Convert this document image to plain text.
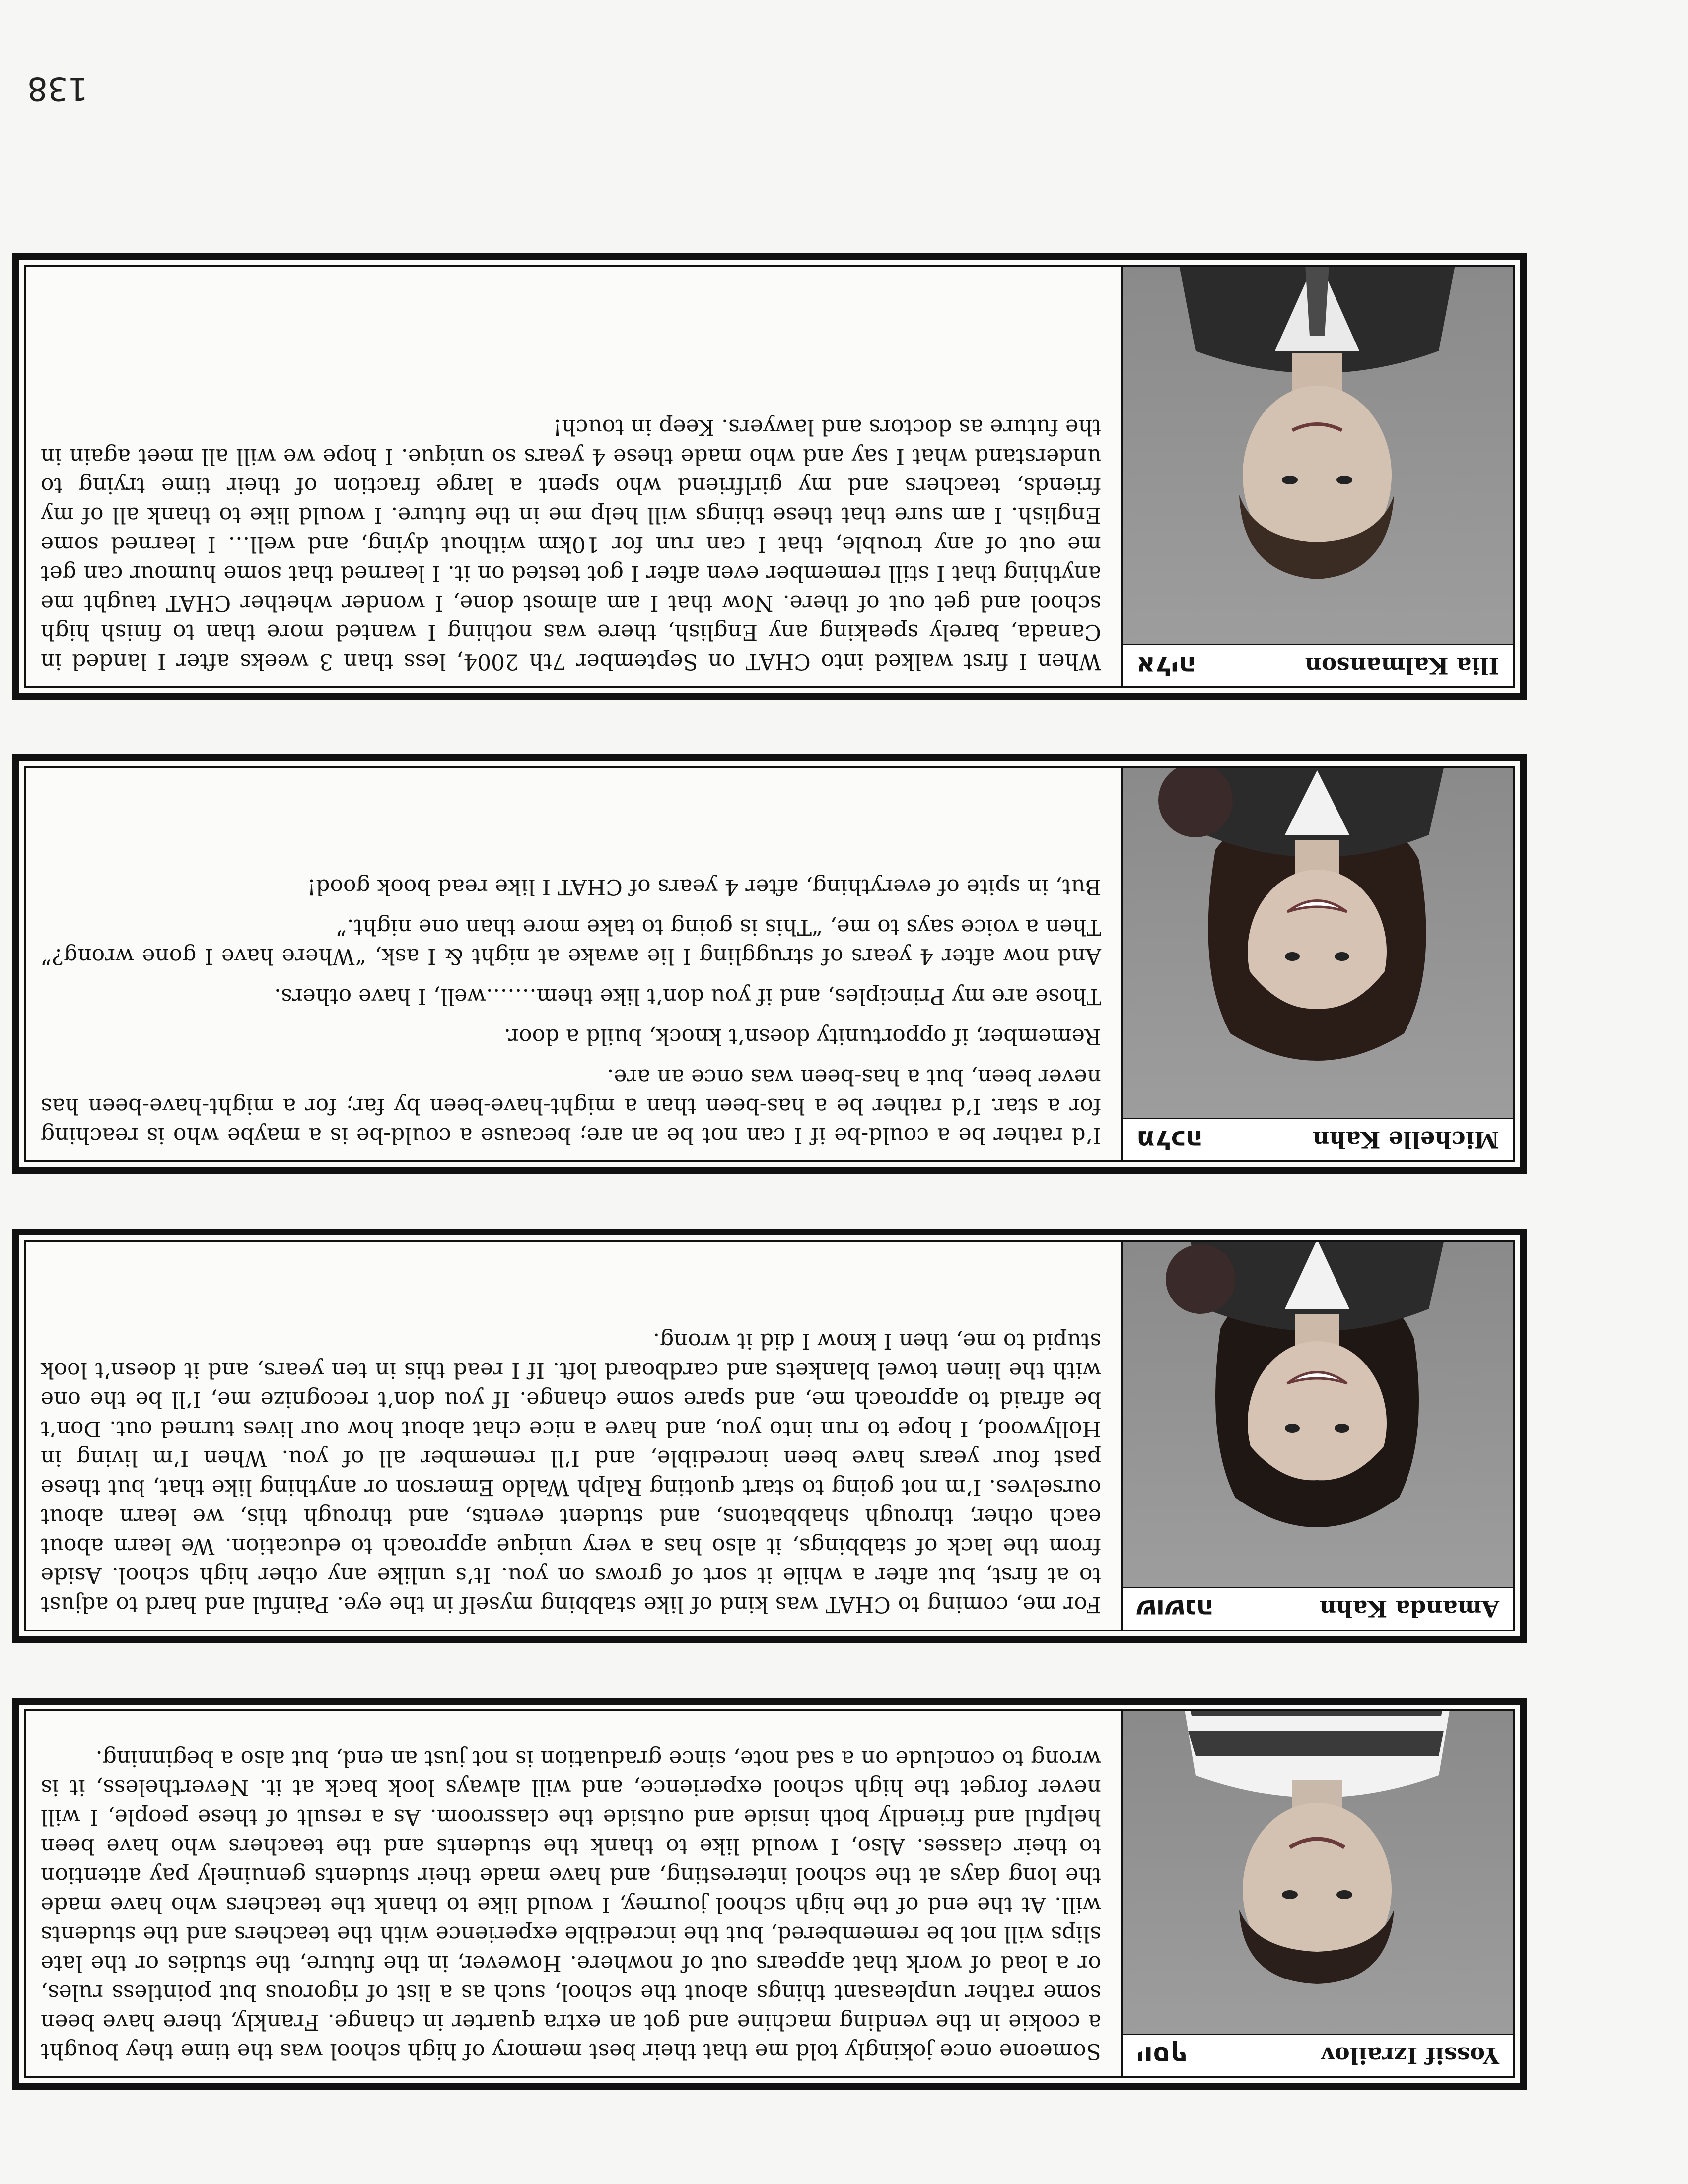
138
Yossif Izrailov
יוסף

Someone once jokingly told me that their best memory of high school was the time they bought a cookie in the vending machine and got an extra quarter in change. Frankly, there have been some rather unpleasant things about the school, such as a list of rigorous but pointless rules, or a load of work that appears out of nowhere. However, in the future, the studies or the late slips will not be remembered, but the incredible experience with the teachers and the students will. At the end of the high school journey, I would like to thank the teachers who have made the long days at the school interesting, and have made their students genuinely pay attention to their classes. Also, I would like to thank the students and the teachers who have been helpful and friendly both inside and outside the classroom. As a result of these people, I will never forget the high school experience, and will always look back at it. Nevertheless, it is wrong to conclude on a sad note, since graduation is not just an end, but also a beginning.

Amanda Kahn
שושנה

For me, coming to CHAT was kind of like stabbing myself in the eye. Painful and hard to adjust to at first, but after a while it sort of grows on you. It’s unlike any other high school. Aside from the lack of stabbings, it also has a very unique approach to education. We learn about each other, through shabbatons, and student events, and through this, we learn about ourselves. I’m not going to start quoting Ralph Waldo Emerson or anything like that, but these past four years have been incredible, and I’ll remember all of you. When I’m living in Hollywood, I hope to run into you, and have a nice chat about how our lives turned out. Don’t be afraid to approach me, and spare some change. If you don’t recognize me, I’ll be the one with the linen towel blankets and cardboard loft. If I read this in ten years, and it doesn’t look stupid to me, then I know I did it wrong.

Michelle Kahn
מלכה

I’d rather be a could-be if I can not be an are; because a could-be is a maybe who is reaching for a star. I’d rather be a has-been than a might-have-been by far; for a might-have-been has never been, but a has-been was once an are.

Remember, if opportunity doesn’t knock, build a door.

Those are my Principles, and if you don’t like them…….well, I have others.

And now after 4 years of struggling I lie awake at night & I ask, “Where have I gone wrong?” Then a voice says to me, “This is going to take more than one night.”

But, in spite of everything, after 4 years of CHAT I like read book good!

Ilia Kalmanson
אליה

When I first walked into CHAT on September 7th 2004, less than 3 weeks after I landed in Canada, barely speaking any English, there was nothing I wanted more than to finish high school and get out of there. Now that I am almost done, I wonder whether CHAT taught me anything that I still remember even after I got tested on it. I learned that some humour can get me out of any trouble, that I can run for 10km without dying, and well… I learned some English. I am sure that these things will help me in the future. I would like to thank all of my friends, teachers and my girlfriend who spent a large fraction of their time trying to understand what I say and who made these 4 years so unique. I hope we will all meet again in the future as doctors and lawyers. Keep in touch!
